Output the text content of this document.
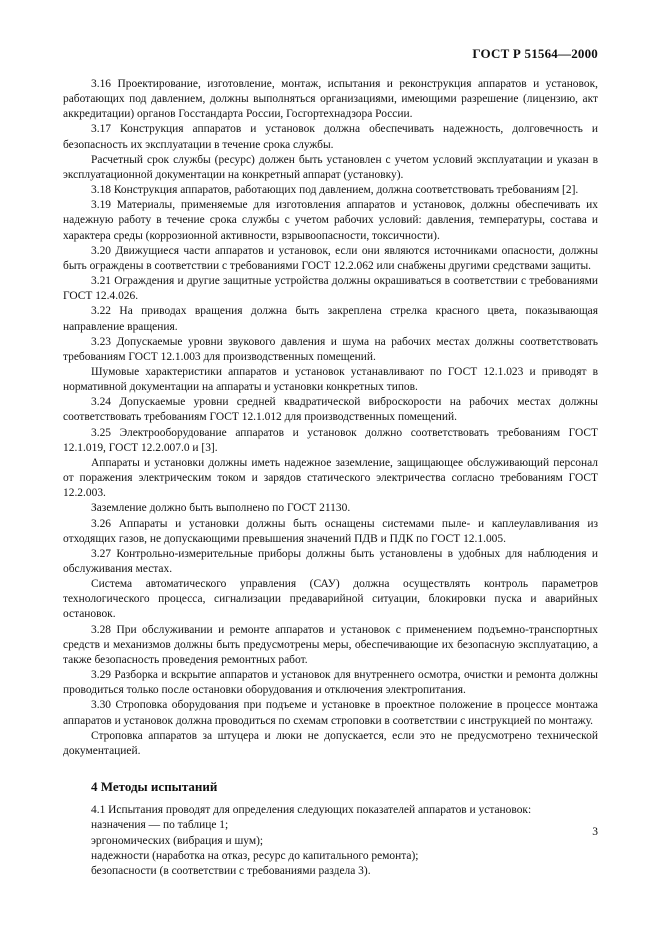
ГОСТ Р 51564—2000

3.16 Проектирование, изготовление, монтаж, испытания и реконструкция аппаратов и установок, работающих под давлением, должны выполняться организациями, имеющими разрешение (лицензию, акт аккредитации) органов Госстандарта России, Госгортехнадзора России.

3.17 Конструкция аппаратов и установок должна обеспечивать надежность, долговечность и безопасность их эксплуатации в течение срока службы.

Расчетный срок службы (ресурс) должен быть установлен с учетом условий эксплуатации и указан в эксплуатационной документации на конкретный аппарат (установку).

3.18 Конструкция аппаратов, работающих под давлением, должна соответствовать требованиям [2].

3.19 Материалы, применяемые для изготовления аппаратов и установок, должны обеспечивать их надежную работу в течение срока службы с учетом рабочих условий: давления, температуры, состава и характера среды (коррозионной активности, взрывоопасности, токсичности).

3.20 Движущиеся части аппаратов и установок, если они являются источниками опасности, должны быть ограждены в соответствии с требованиями ГОСТ 12.2.062 или снабжены другими средствами защиты.

3.21 Ограждения и другие защитные устройства должны окрашиваться в соответствии с требованиями ГОСТ 12.4.026.

3.22 На приводах вращения должна быть закреплена стрелка красного цвета, показывающая направление вращения.

3.23 Допускаемые уровни звукового давления и шума на рабочих местах должны соответствовать требованиям ГОСТ 12.1.003 для производственных помещений.

Шумовые характеристики аппаратов и установок устанавливают по ГОСТ 12.1.023 и приводят в нормативной документации на аппараты и установки конкретных типов.

3.24 Допускаемые уровни средней квадратической виброскорости на рабочих местах должны соответствовать требованиям ГОСТ 12.1.012 для производственных помещений.

3.25 Электрооборудование аппаратов и установок должно соответствовать требованиям ГОСТ 12.1.019, ГОСТ 12.2.007.0 и [3].

Аппараты и установки должны иметь надежное заземление, защищающее обслуживающий персонал от поражения электрическим током и зарядов статического электричества согласно требованиям ГОСТ 12.2.003.

Заземление должно быть выполнено по ГОСТ 21130.

3.26 Аппараты и установки должны быть оснащены системами пыле- и каплеулавливания из отходящих газов, не допускающими превышения значений ПДВ и ПДК по ГОСТ 12.1.005.

3.27 Контрольно-измерительные приборы должны быть установлены в удобных для наблюдения и обслуживания местах.

Система автоматического управления (САУ) должна осуществлять контроль параметров технологического процесса, сигнализации предаварийной ситуации, блокировки пуска и аварийных остановок.

3.28 При обслуживании и ремонте аппаратов и установок с применением подъемно-транспортных средств и механизмов должны быть предусмотрены меры, обеспечивающие их безопасную эксплуатацию, а также безопасность проведения ремонтных работ.

3.29 Разборка и вскрытие аппаратов и установок для внутреннего осмотра, очистки и ремонта должны проводиться только после остановки оборудования и отключения электропитания.

3.30 Строповка оборудования при подъеме и установке в проектное положение в процессе монтажа аппаратов и установок должна проводиться по схемам строповки в соответствии с инструкцией по монтажу.

Строповка аппаратов за штуцера и люки не допускается, если это не предусмотрено технической документацией.

4 Методы испытаний

4.1 Испытания проводят для определения следующих показателей аппаратов и установок:

назначения — по таблице 1;

эргономических (вибрация и шум);

надежности (наработка на отказ, ресурс до капитального ремонта);

безопасности (в соответствии с требованиями раздела 3).

3
